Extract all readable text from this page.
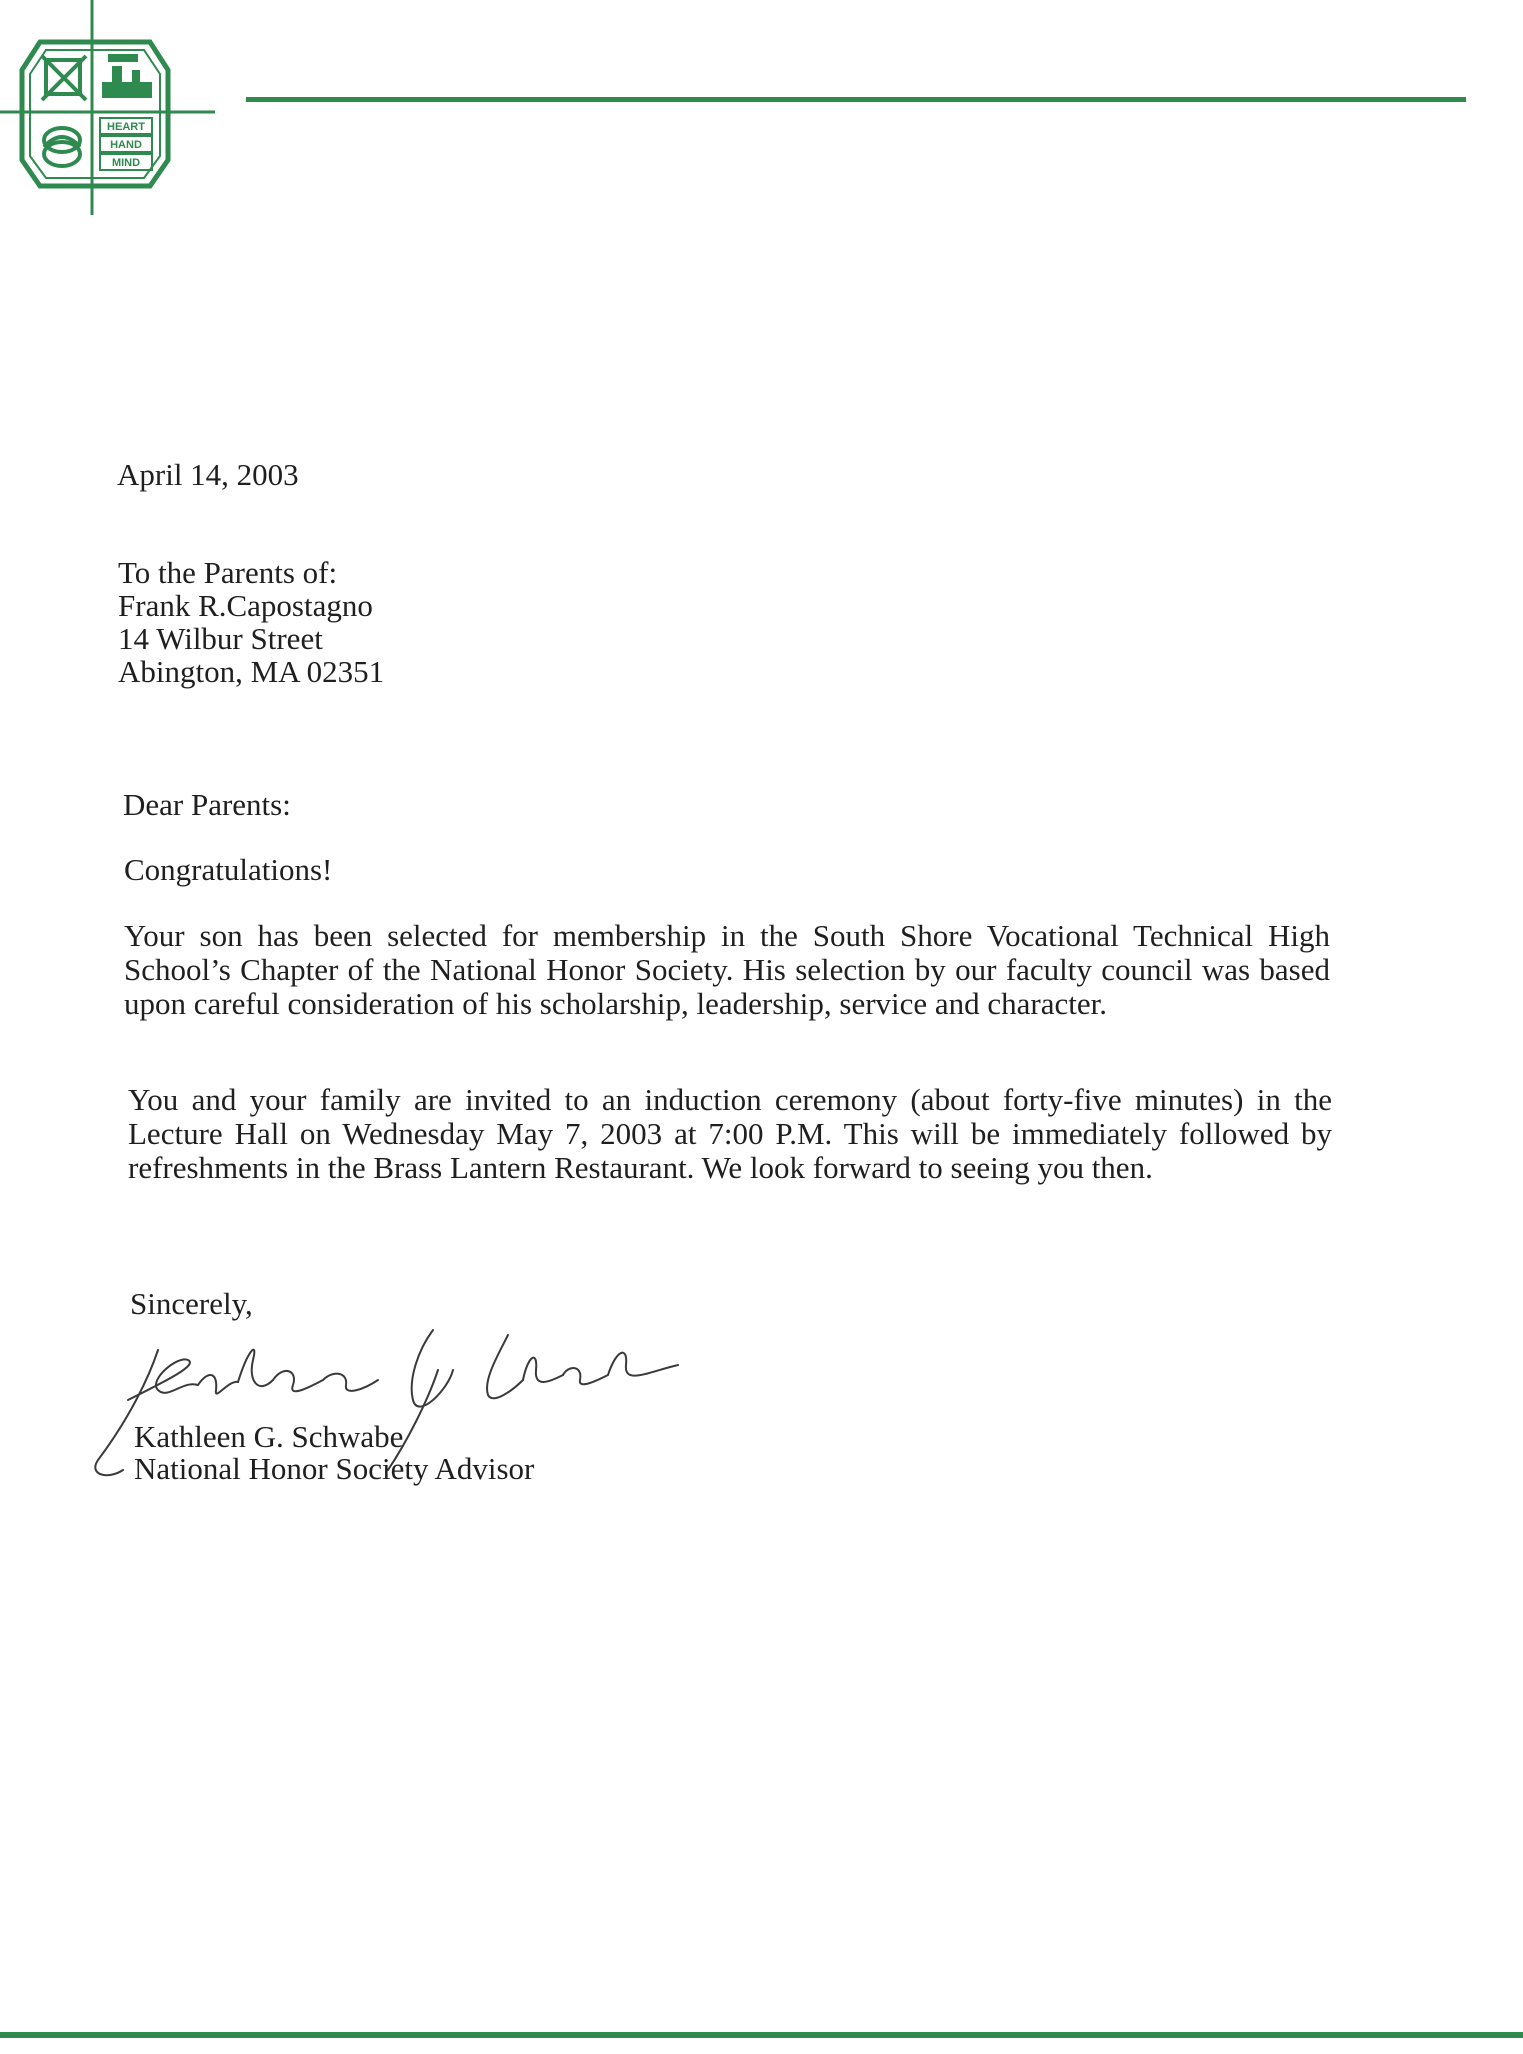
HEART
HAND
MIND
April 14, 2003
To the Parents of:
Frank R.Capostagno
14 Wilbur Street
Abington, MA 02351
Dear Parents:
Congratulations!
Your son has been selected for membership in the South Shore Vocational Technical High School’s Chapter of the National Honor Society. His selection by our faculty council was based upon careful consideration of his scholarship, leadership, service and character.
You and your family are invited to an induction ceremony (about forty-five minutes) in the Lecture Hall on Wednesday May 7, 2003 at 7:00 P.M. This will be immediately followed by refreshments in the Brass Lantern Restaurant. We look forward to seeing you then.
Sincerely,
Kathleen G. Schwabe
National Honor Society Advisor
